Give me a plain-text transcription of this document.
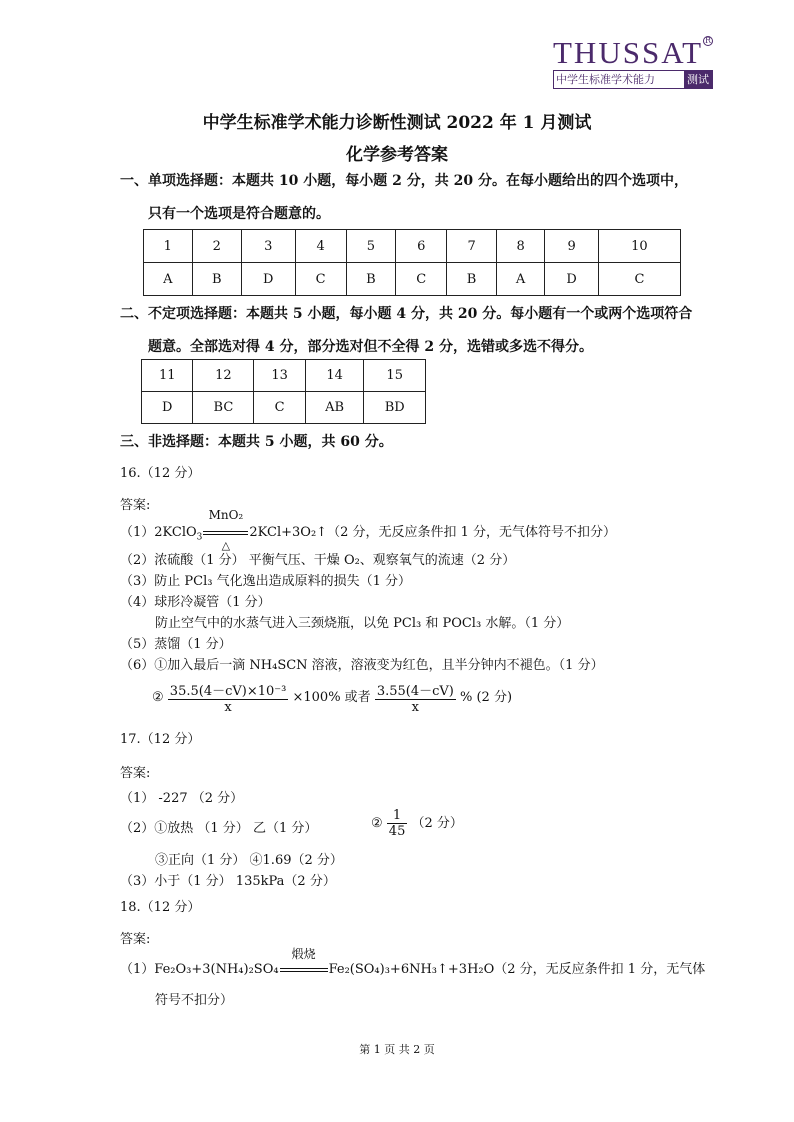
THUSSAT R
中学生标准学术能力	测试
中学生标准学术能力诊断性测试 2022 年 1 月测试
化学参考答案
一、单项选择题：本题共 10 小题，每小题 2 分，共 20 分。在每小题给出的四个选项中，
只有一个选项是符合题意的。
1	2	3	4	5	6	7	8	9	10
A	B	D	C	B	C	B	A	D	C
二、不定项选择题：本题共 5 小题，每小题 4 分，共 20 分。每小题有一个或两个选项符合
题意。全部选对得 4 分，部分选对但不全得 2 分，选错或多选不得分。
11	12	13	14	15
D	BC	C	AB	BD
三、非选择题：本题共 5 小题，共 60 分。
16.（12 分）
答案:
（1）2KClO$_3$
MnO₂
△
2KCl+3O₂↑（2 分，无反应条件扣 1 分，无气体符号不扣分）
（2）浓硫酸（1 分） 平衡气压、干燥 O₂、观察氧气的流速（2 分）
（3）防止 PCl₃ 气化逸出造成原料的损失（1 分）
（4）球形冷凝管（1 分）
防止空气中的水蒸气进入三颈烧瓶，以免 PCl₃ 和 POCl₃ 水解。（1 分）
（5）蒸馏（1 分）
（6）①加入最后一滴 NH₄SCN 溶液，溶液变为红色，且半分钟内不褪色。（1 分）
② $\frac{\text{35.5(4－cV)×10⁻³}}{x} \times 100\%$ 或者 $\frac{3.55(4-cV)}{x}$ % (2 分)
17.（12 分）
答案:
（1） -227 （2 分）
（2）①放热 （1 分） 乙（1 分）	② $\frac{1}{45} (2$ 分）
③正向（1 分） ④1.69（2 分）
（3）小于（1 分） 135kPa（2 分）
18.（12 分）
答案:
（1）Fe₂O₃+3(NH₄)₂SO₄
煅烧
Fe₂(SO₄)₃+6NH₃↑+3H₂O（2 分，无反应条件扣 1 分，无气体
符号不扣分）
第 1 页 共 2 页
